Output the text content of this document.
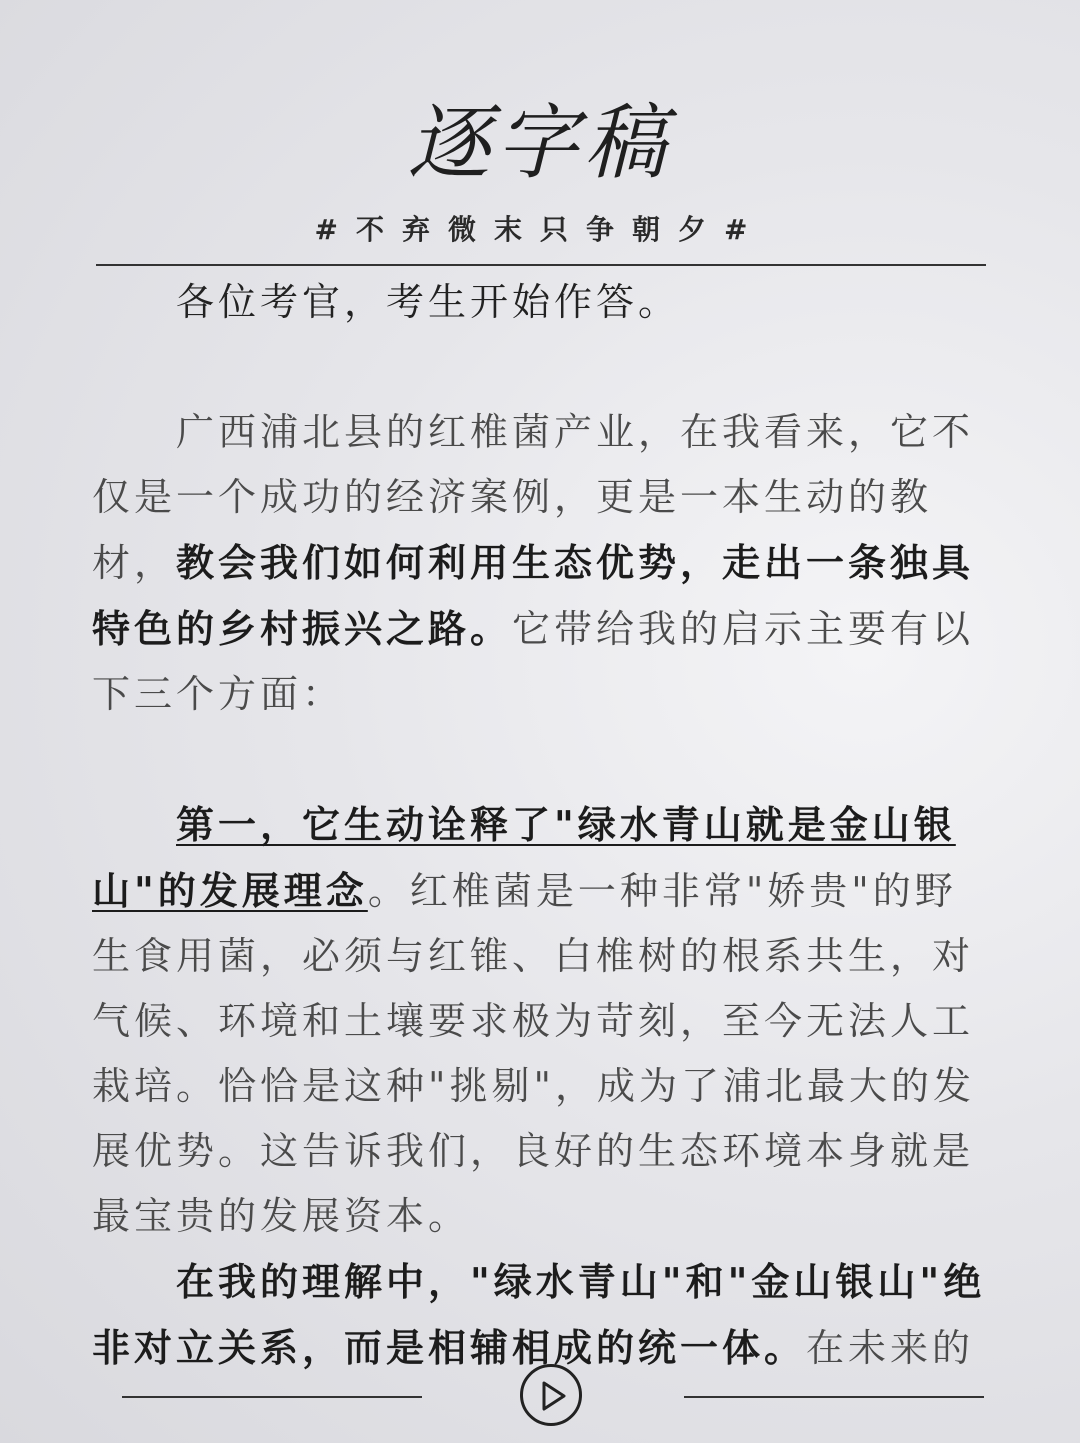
逐字稿
#不弃微末只争朝夕#

各位考官，考生开始作答。

广西浦北县的红椎菌产业，在我看来，它不仅是一个成功的经济案例，更是一本生动的教材，教会我们如何利用生态优势，走出一条独具特色的乡村振兴之路。它带给我的启示主要有以下三个方面：

第一，它生动诠释了"绿水青山就是金山银山"的发展理念。红椎菌是一种非常"娇贵"的野生食用菌，必须与红锥、白椎树的根系共生，对气候、环境和土壤要求极为苛刻，至今无法人工栽培。恰恰是这种"挑剔"，成为了浦北最大的发展优势。这告诉我们，良好的生态环境本身就是最宝贵的发展资本。

在我的理解中，"绿水青山"和"金山银山"绝非对立关系，而是相辅相成的统一体。在未来的
